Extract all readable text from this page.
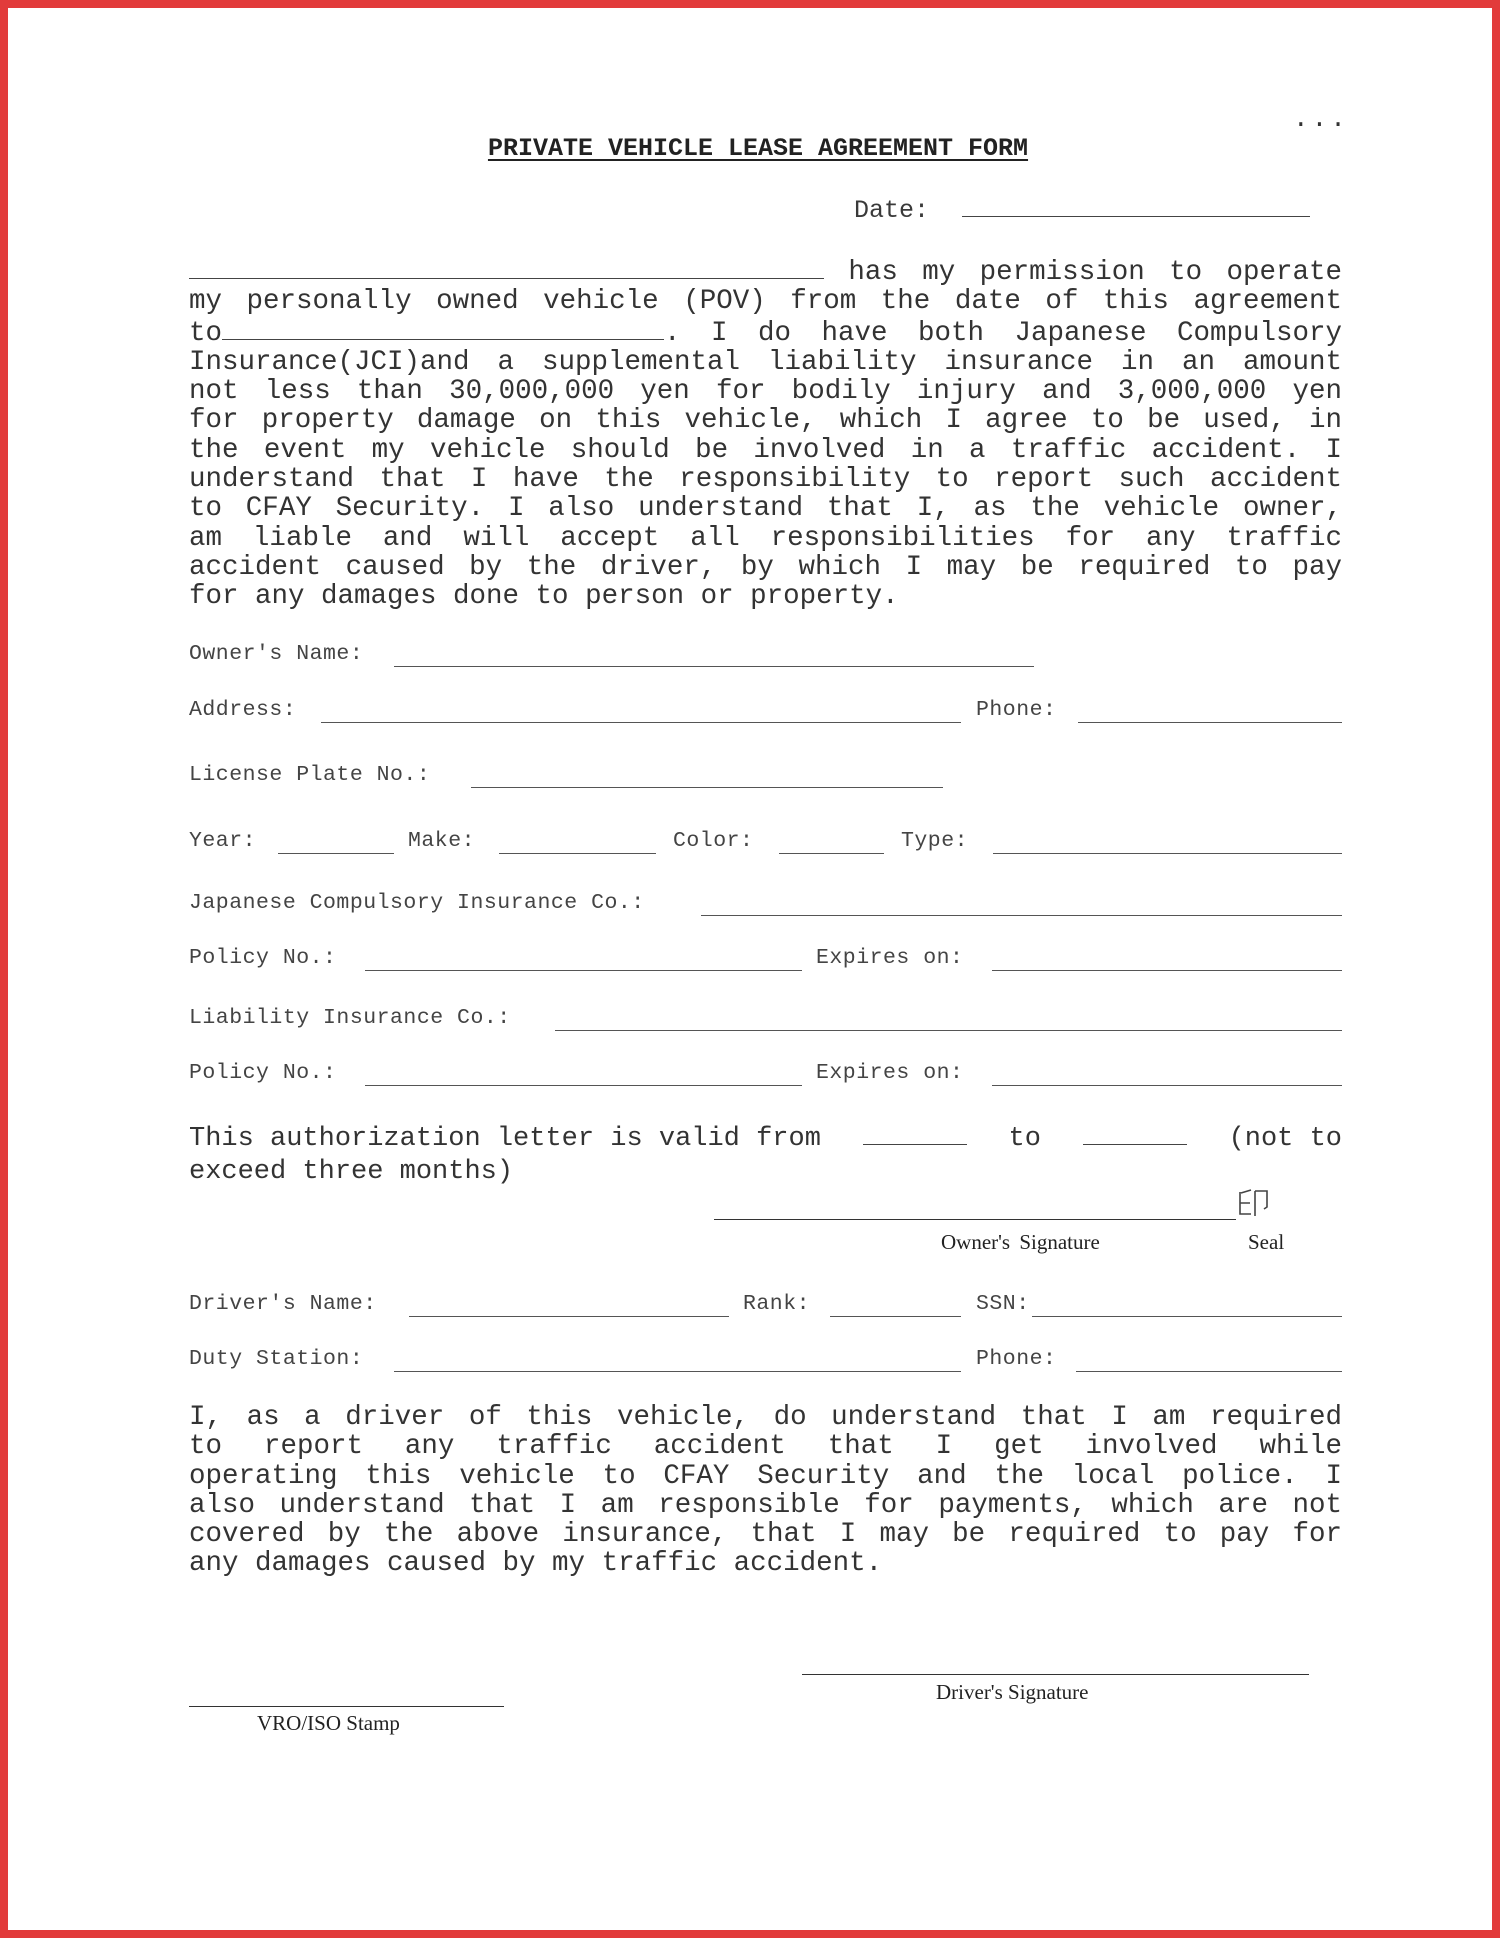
...
PRIVATE VEHICLE LEASE AGREEMENT FORM
Date:
has my permission to operate
my personally owned vehicle (POV) from the date of this agreement
to	. I do have both Japanese Compulsory
Insurance(JCI)and a supplemental liability insurance in an amount
not less than 30,000,000 yen for bodily injury and 3,000,000 yen
for property damage on this vehicle, which I agree to be used, in
the event my vehicle should be involved in a traffic accident. I
understand that I have the responsibility to report such accident
to CFAY Security. I also understand that I, as the vehicle owner,
am liable and will accept all responsibilities for any traffic
accident caused by the driver, by which I may be required to pay
for any damages done to person or property.
Owner's Name:
Address:	Phone:
License Plate No.:
Year:	Make:	Color:	Type:
Japanese Compulsory Insurance Co.:
Policy No.:	Expires on:
Liability Insurance Co.:
Policy No.:	Expires on:
This authorization letter is valid from	to	(not to
exceed three months)
Owner's Signature	Seal
Driver's Name:	Rank:	SSN:
Duty Station:	Phone:
I, as a driver of this vehicle, do understand that I am required
to report any traffic accident that I get involved while
operating this vehicle to CFAY Security and the local police. I
also understand that I am responsible for payments, which are not
covered by the above insurance, that I may be required to pay for
any damages caused by my traffic accident.
Driver's Signature
VRO/ISO Stamp
